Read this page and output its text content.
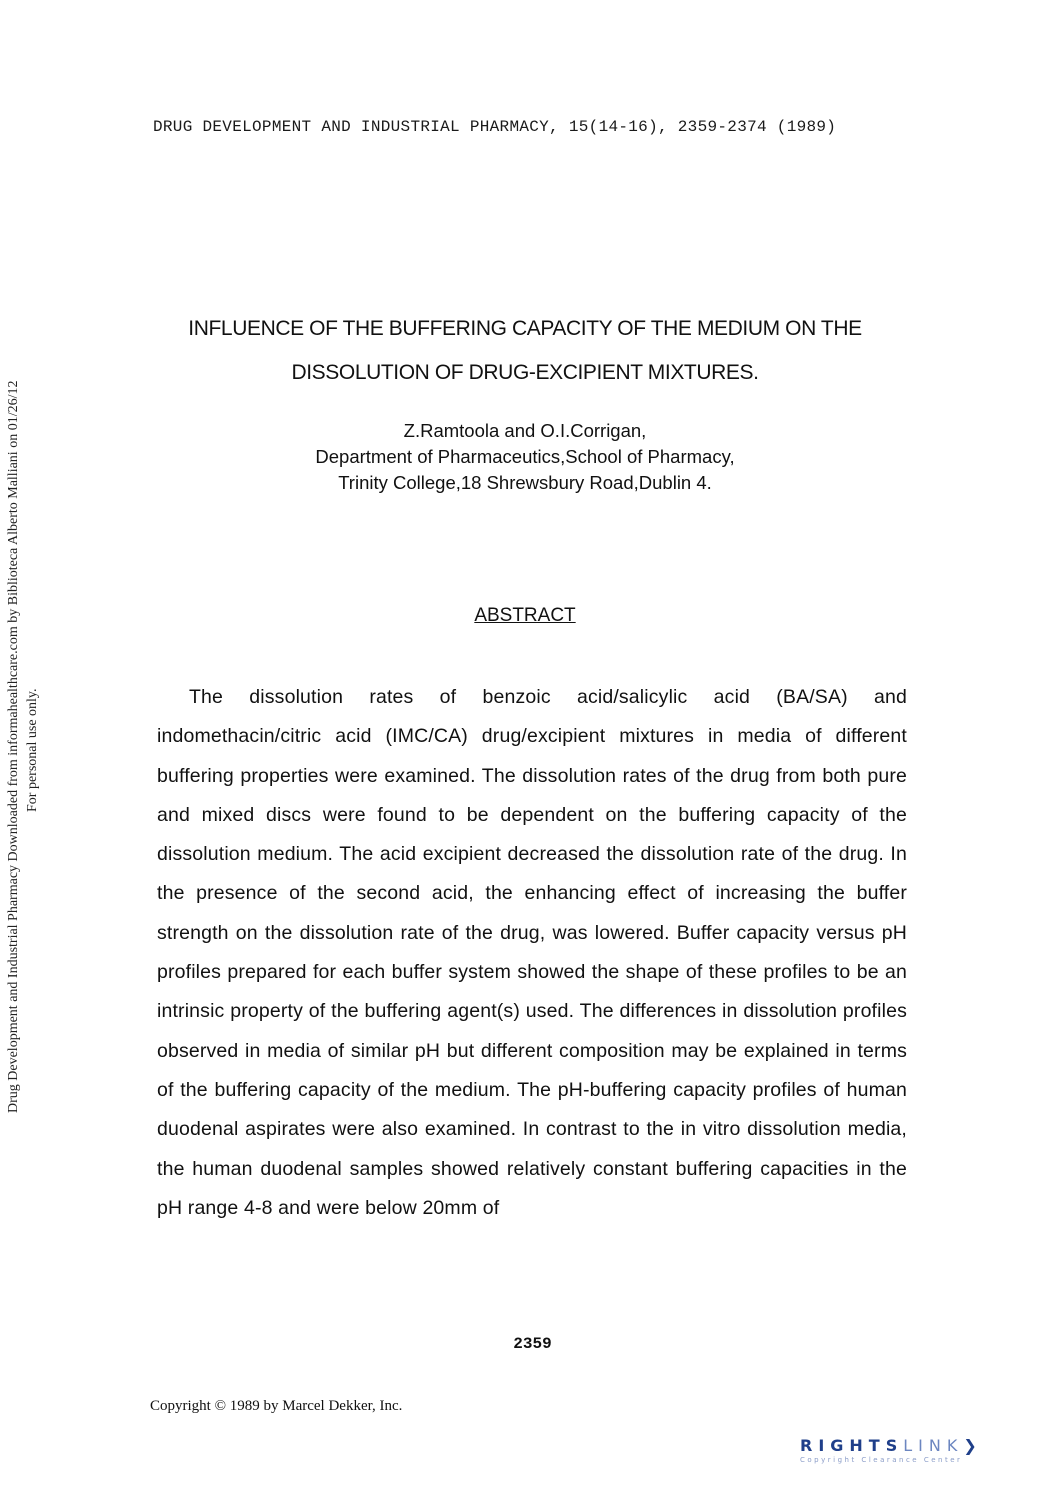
DRUG DEVELOPMENT AND INDUSTRIAL PHARMACY, 15(14-16), 2359-2374 (1989)
Drug Development and Industrial Pharmacy Downloaded from informahealthcare.com by Biblioteca Alberto Malliani on 01/26/12 For personal use only.
INFLUENCE OF THE BUFFERING CAPACITY OF THE MEDIUM ON THE
DISSOLUTION OF DRUG-EXCIPIENT MIXTURES.
Z.Ramtoola and O.I.Corrigan,
Department of Pharmaceutics,School of Pharmacy,
Trinity College,18 Shrewsbury Road,Dublin 4.
ABSTRACT
The dissolution rates of benzoic acid/salicylic acid (BA/SA) and indomethacin/citric acid (IMC/CA) drug/excipient mixtures in media of different buffering properties were examined. The dissolution rates of the drug from both pure and mixed discs were found to be dependent on the buffering capacity of the dissolution medium. The acid excipient decreased the dissolution rate of the drug. In the presence of the second acid, the enhancing effect of increasing the buffer strength on the dissolution rate of the drug, was lowered. Buffer capacity versus pH profiles prepared for each buffer system showed the shape of these profiles to be an intrinsic property of the buffering agent(s) used. The differences in dissolution profiles observed in media of similar pH but different composition may be explained in terms of the buffering capacity of the medium. The pH-buffering capacity profiles of human duodenal aspirates were also examined. In contrast to the in vitro dissolution media, the human duodenal samples showed relatively constant buffering capacities in the pH range 4-8 and were below 20mm of
2359
Copyright © 1989 by Marcel Dekker, Inc.
RIGHTSLINK❯
Copyright Clearance Center
